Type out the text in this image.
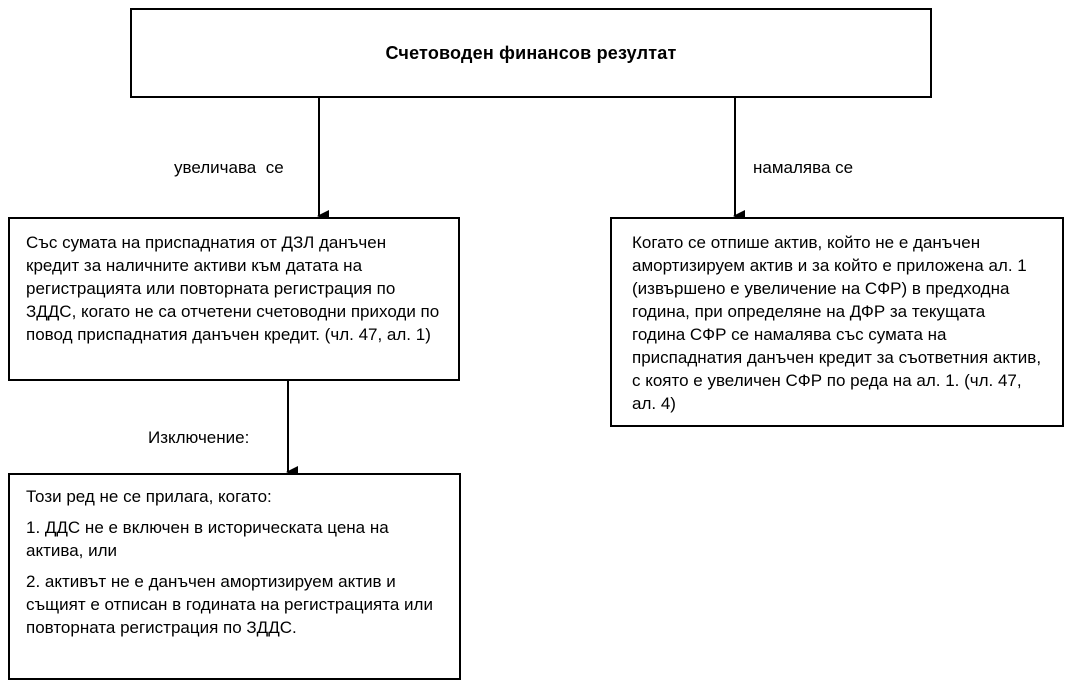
Счетоводен финансов резултат
увеличава  се	намалява се
Със сумата на приспаднатия от ДЗЛ данъчен кредит за наличните активи към датата на регистрацията или повторната регистрация по ЗДДС, когато не са отчетени счетоводни приходи по повод приспаднатия данъчен кредит. (чл. 47, ал. 1)
Когато се отпише актив, който не е данъчен амортизируем актив и за който е приложена ал. 1 (извършено е увеличение на СФР) в предходна година, при определяне на ДФР за текущата година СФР се намалява със сумата на приспаднатия данъчен кредит за съответния актив, с която е увеличен СФР по реда на ал. 1. (чл. 47, ал. 4)
Изключение:

Този ред не се прилага, когато:

1. ДДС не е включен в историческата цена на актива, или

2. активът не е данъчен амортизируем актив и същият е отписан в годината на регистрацията или повторната регистрация по ЗДДС.
